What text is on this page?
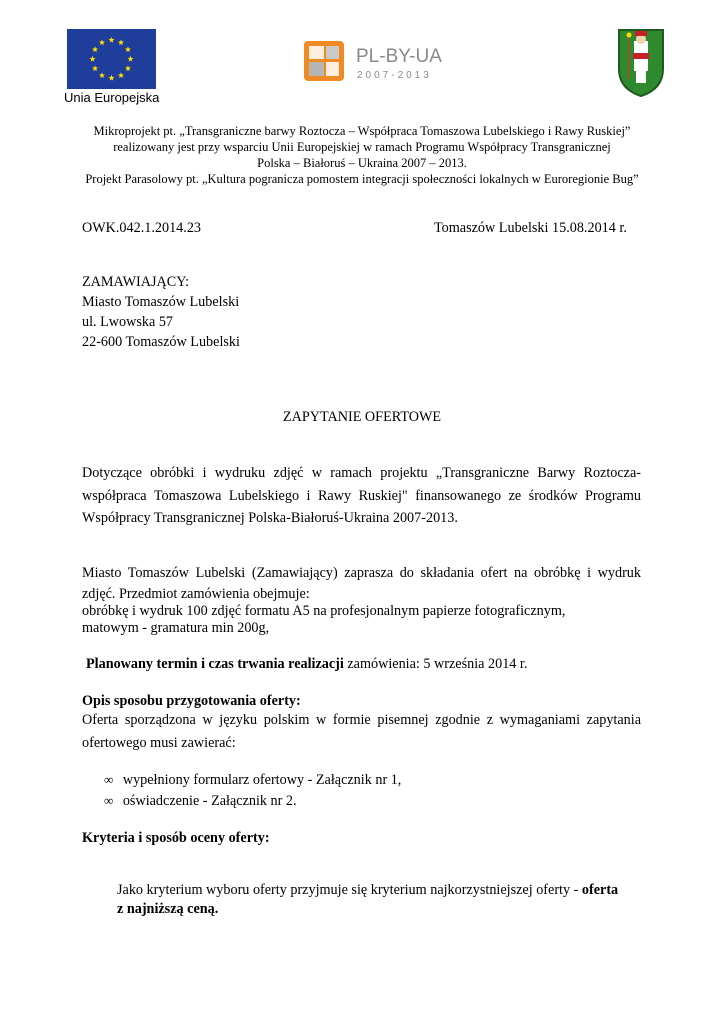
Unia Europejska
PL-BY-UA
2007-2013
Mikroprojekt pt. „Transgraniczne barwy Roztocza – Współpraca Tomaszowa Lubelskiego i Rawy Ruskiej”
realizowany jest przy wsparciu Unii Europejskiej w ramach Programu Współpracy Transgranicznej
Polska – Białoruś – Ukraina 2007 – 2013.
Projekt Parasolowy pt. „Kultura pogranicza pomostem integracji społeczności lokalnych w Euroregionie Bug”
OWK.042.1.2014.23	Tomaszów Lubelski 15.08.2014 r.
ZAMAWIAJĄCY:
Miasto Tomaszów Lubelski
ul. Lwowska 57
22-600 Tomaszów Lubelski
ZAPYTANIE OFERTOWE
Dotyczące obróbki i wydruku zdjęć w ramach projektu „Transgraniczne Barwy Roztocza-
współpraca Tomaszowa Lubelskiego i Rawy Ruskiej" finansowanego ze środków Programu
Współpracy Transgranicznej Polska-Białoruś-Ukraina 2007-2013.
Miasto Tomaszów Lubelski (Zamawiający) zaprasza do składania ofert na obróbkę i wydruk
zdjęć. Przedmiot zamówienia obejmuje:
obróbkę i wydruk 100 zdjęć formatu A5 na profesjonalnym papierze fotograficznym,
matowym - gramatura min 200g,
Planowany termin i czas trwania realizacji zamówienia: 5 września 2014 r.
Opis sposobu przygotowania oferty:
Oferta sporządzona w języku polskim w formie pisemnej zgodnie z wymaganiami zapytania
ofertowego musi zawierać:
∞ wypełniony formularz ofertowy - Załącznik nr 1,
∞ oświadczenie - Załącznik nr 2.
Kryteria i sposób oceny oferty:
Jako kryterium wyboru oferty przyjmuje się kryterium najkorzystniejszej oferty - oferta
z najniższą ceną.
